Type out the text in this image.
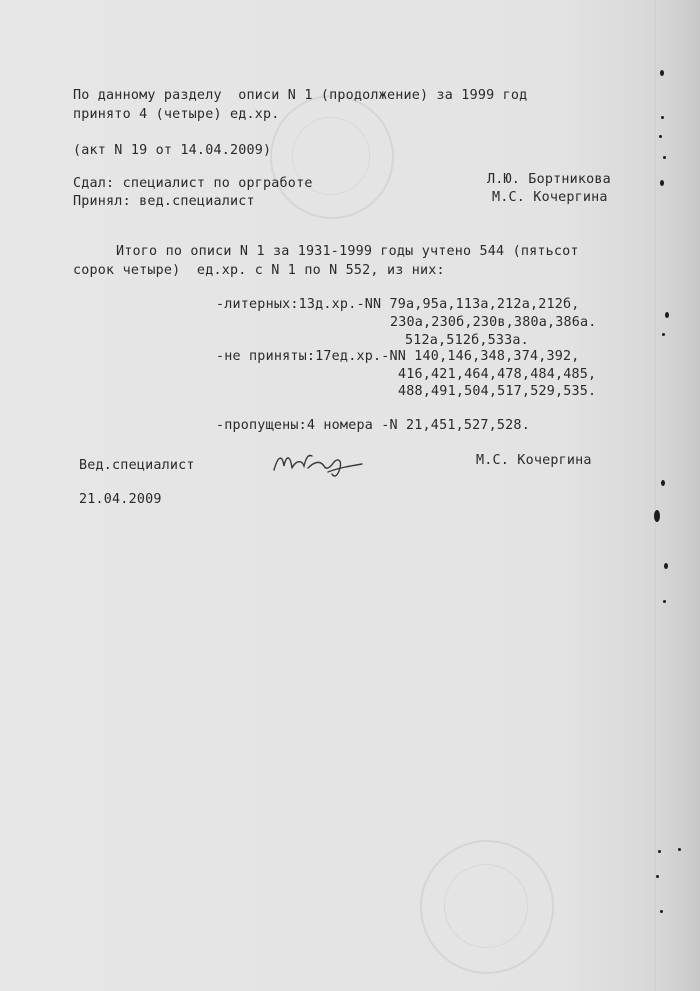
По данному разделу  описи N 1 (продолжение) за 1999 год
принято 4 (четыре) ед.хр.
(акт N 19 от 14.04.2009)
Сдал: специалист по оргработе	Л.Ю. Бортникова
Принял: вед.специалист	М.С. Кочергина
Итого по описи N 1 за 1931-1999 годы учтено 544 (пятьсот
сорок четыре)  ед.хр. с N 1 по N 552, из них:
-литерных:13д.хр.-NN 79а,95а,113а,212а,212б,
230а,230б,230в,380а,386а.
512а,512б,533а.
-не приняты:17ед.хр.-NN 140,146,348,374,392,
416,421,464,478,484,485,
488,491,504,517,529,535.
-пропущены:4 номера -N 21,451,527,528.
Вед.специалист	М.С. Кочергина
21.04.2009
